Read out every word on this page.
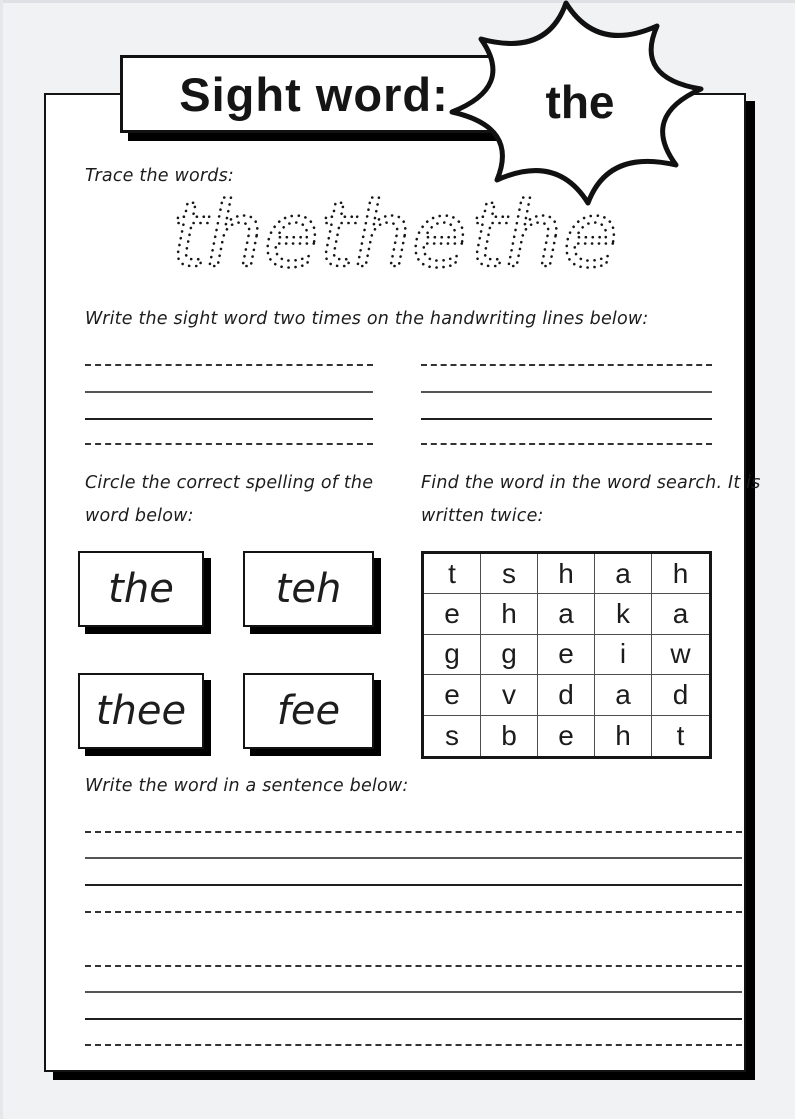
Sight word: the
Trace the words:
the the the
Write the sight word two times on the handwriting lines below:
Circle the correct spelling of the
word below:
the	teh
thee fee
Find the word in the word search. It is
written twice:
t	s	h	a	h
e	h	a	k	a
g	g	e	i	w
e	v	d	a	d
s	b	e	h	t
Write the word in a sentence below:
